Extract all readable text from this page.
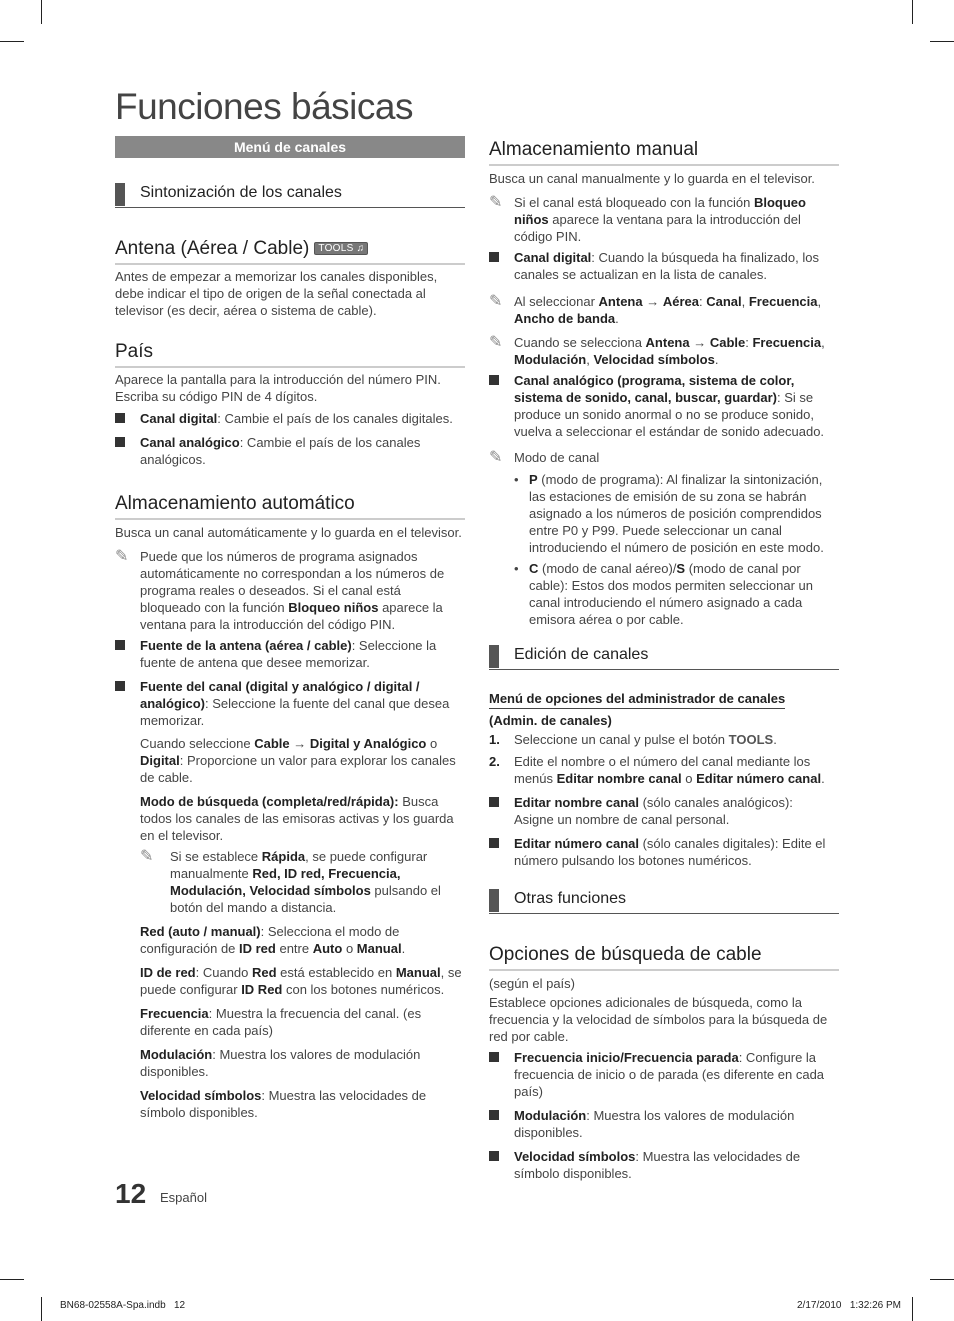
Funciones básicas
Menú de canales
Sintonización de los canales
Antena (Aérea / Cable) TOOLS ♫
Antes de empezar a memorizar los canales disponibles, debe indicar el tipo de origen de la señal conectada al televisor (es decir, aérea o sistema de cable).
País
Aparece la pantalla para la introducción del número PIN. Escriba su código PIN de 4 dígitos.
Canal digital: Cambie el país de los canales digitales.
Canal analógico: Cambie el país de los canales analógicos.
Almacenamiento automático
Busca un canal automáticamente y lo guarda en el televisor.
✎ Puede que los números de programa asignados automáticamente no correspondan a los números de programa reales o deseados. Si el canal está bloqueado con la función Bloqueo niños aparece la ventana para la introducción del código PIN.
Fuente de la antena (aérea / cable): Seleccione la fuente de antena que desee memorizar.
Fuente del canal (digital y analógico / digital / analógico): Seleccione la fuente del canal que desea memorizar.
Cuando seleccione Cable → Digital y Analógico o Digital: Proporcione un valor para explorar los canales de cable.
Modo de búsqueda (completa/red/rápida): Busca todos los canales de las emisoras activas y los guarda en el televisor.
✎ Si se establece Rápida, se puede configurar manualmente Red, ID red, Frecuencia, Modulación, Velocidad símbolos pulsando el botón del mando a distancia.
Red (auto / manual): Selecciona el modo de configuración de ID red entre Auto o Manual.
ID de red: Cuando Red está establecido en Manual, se puede configurar ID Red con los botones numéricos.
Frecuencia: Muestra la frecuencia del canal. (es diferente en cada país)
Modulación: Muestra los valores de modulación disponibles.
Velocidad símbolos: Muestra las velocidades de símbolo disponibles.
Almacenamiento manual
Busca un canal manualmente y lo guarda en el televisor.
✎ Si el canal está bloqueado con la función Bloqueo niños aparece la ventana para la introducción del código PIN.
Canal digital: Cuando la búsqueda ha finalizado, los canales se actualizan en la lista de canales.
✎ Al seleccionar Antena → Aérea: Canal, Frecuencia, Ancho de banda.
✎ Cuando se selecciona Antena → Cable: Frecuencia, Modulación, Velocidad símbolos.
Canal analógico (programa, sistema de color, sistema de sonido, canal, buscar, guardar): Si se produce un sonido anormal o no se produce sonido, vuelva a seleccionar el estándar de sonido adecuado.
✎ Modo de canal
• P (modo de programa): Al finalizar la sintonización, las estaciones de emisión de su zona se habrán asignado a los números de posición comprendidos entre P0 y P99. Puede seleccionar un canal introduciendo el número de posición en este modo.
• C (modo de canal aéreo)/S (modo de canal por cable): Estos dos modos permiten seleccionar un canal introduciendo el número asignado a cada emisora aérea o por cable.
Edición de canales
Menú de opciones del administrador de canales
(Admin. de canales)
1. Seleccione un canal y pulse el botón TOOLS.
2. Edite el nombre o el número del canal mediante los menús Editar nombre canal o Editar número canal.
Editar nombre canal (sólo canales analógicos): Asigne un nombre de canal personal.
Editar número canal (sólo canales digitales): Edite el número pulsando los botones numéricos.
Otras funciones
Opciones de búsqueda de cable
(según el país)
Establece opciones adicionales de búsqueda, como la frecuencia y la velocidad de símbolos para la búsqueda de red por cable.
Frecuencia inicio/Frecuencia parada: Configure la frecuencia de inicio o de parada (es diferente en cada país)
Modulación: Muestra los valores de modulación disponibles.
Velocidad símbolos: Muestra las velocidades de símbolo disponibles.
12 Español
BN68-02558A-Spa.indb   12	2/17/2010   1:32:26 PM
